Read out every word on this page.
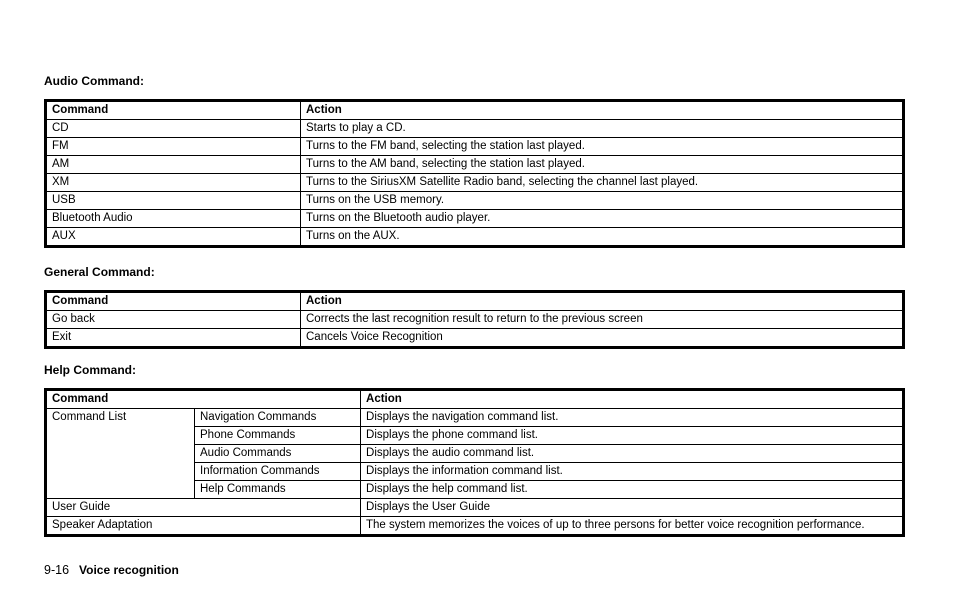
Audio Command:
Command	Action
CD	Starts to play a CD.
FM	Turns to the FM band, selecting the station last played.
AM	Turns to the AM band, selecting the station last played.
XM	Turns to the SiriusXM Satellite Radio band, selecting the channel last played.
USB	Turns on the USB memory.
Bluetooth Audio	Turns on the Bluetooth audio player.
AUX	Turns on the AUX.
General Command:
Command	Action
Go back	Corrects the last recognition result to return to the previous screen
Exit	Cancels Voice Recognition
Help Command:
Command		Action
Command List	Navigation Commands	Displays the navigation command list.
	Phone Commands	Displays the phone command list.
	Audio Commands	Displays the audio command list.
	Information Commands	Displays the information command list.
	Help Commands	Displays the help command list.
User Guide		Displays the User Guide
Speaker Adaptation		The system memorizes the voices of up to three persons for better voice recognition performance.
9-16 Voice recognition
